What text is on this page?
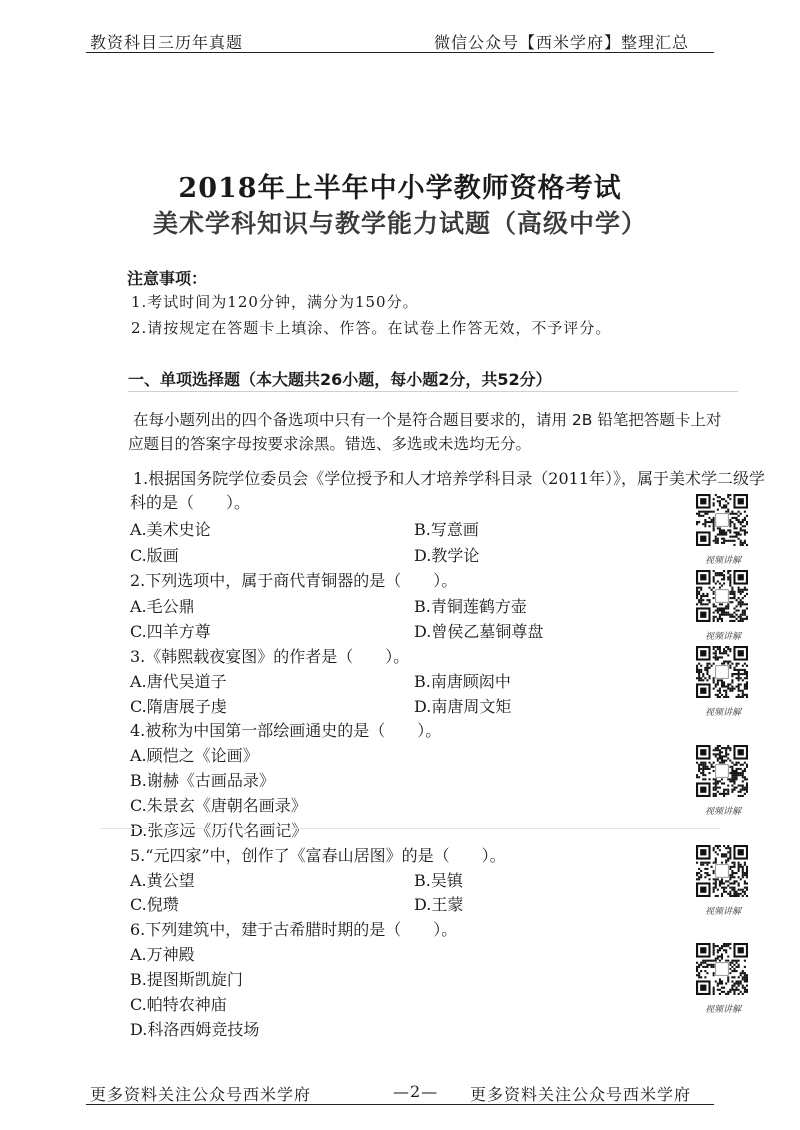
教资科目三历年真题	微信公众号【西米学府】整理汇总
2018年上半年中小学教师资格考试
美术学科知识与教学能力试题（高级中学）
注意事项：
1.考试时间为120分钟，满分为150分。
2.请按规定在答题卡上填涂、作答。在试卷上作答无效，不予评分。
一、单项选择题（本大题共26小题，每小题2分，共52分）
在每小题列出的四个备选项中只有一个是符合题目要求的，请用 2B 铅笔把答题卡上对
应题目的答案字母按要求涂黑。错选、多选或未选均无分。
1.根据国务院学位委员会《学位授予和人才培养学科目录（2011年）》，属于美术学二级学
科的是（　　）。
A.美术史论	B.写意画
C.版画	D.教学论
2.下列选项中，属于商代青铜器的是（　　）。
A.毛公鼎	B.青铜莲鹤方壶
C.四羊方尊	D.曾侯乙墓铜尊盘
3.《韩熙载夜宴图》的作者是（　　）。
A.唐代吴道子	B.南唐顾闳中
C.隋唐展子虔	D.南唐周文矩
4.被称为中国第一部绘画通史的是（　　）。
A.顾恺之《论画》
B.谢赫《古画品录》
C.朱景玄《唐朝名画录》
D.张彦远《历代名画记》
5.“元四家”中，创作了《富春山居图》的是（　　）。
A.黄公望	B.吴镇
C.倪瓒	D.王蒙
6.下列建筑中，建于古希腊时期的是（　　）。
A.万神殿
B.提图斯凯旋门
C.帕特农神庙
D.科洛西姆竞技场
视频讲解
视频讲解
视频讲解
视频讲解
视频讲解
视频讲解
更多资料关注公众号西米学府	—2— 更多资料关注公众号西米学府
